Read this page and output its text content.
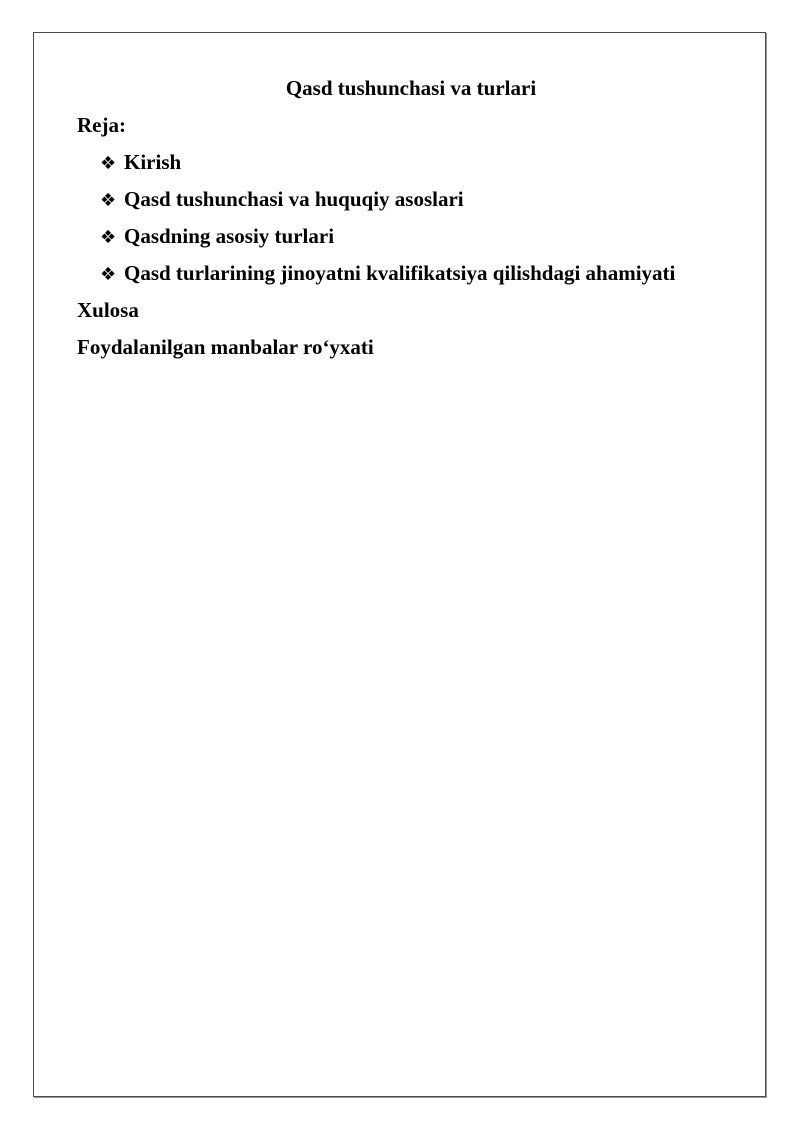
Qasd tushunchasi va turlari

Reja:

❖ Kirish
❖ Qasd tushunchasi va huquqiy asoslari
❖ Qasdning asosiy turlari
❖ Qasd turlarining jinoyatni kvalifikatsiya qilishdagi ahamiyati

Xulosa

Foydalanilgan manbalar ro‘yxati
